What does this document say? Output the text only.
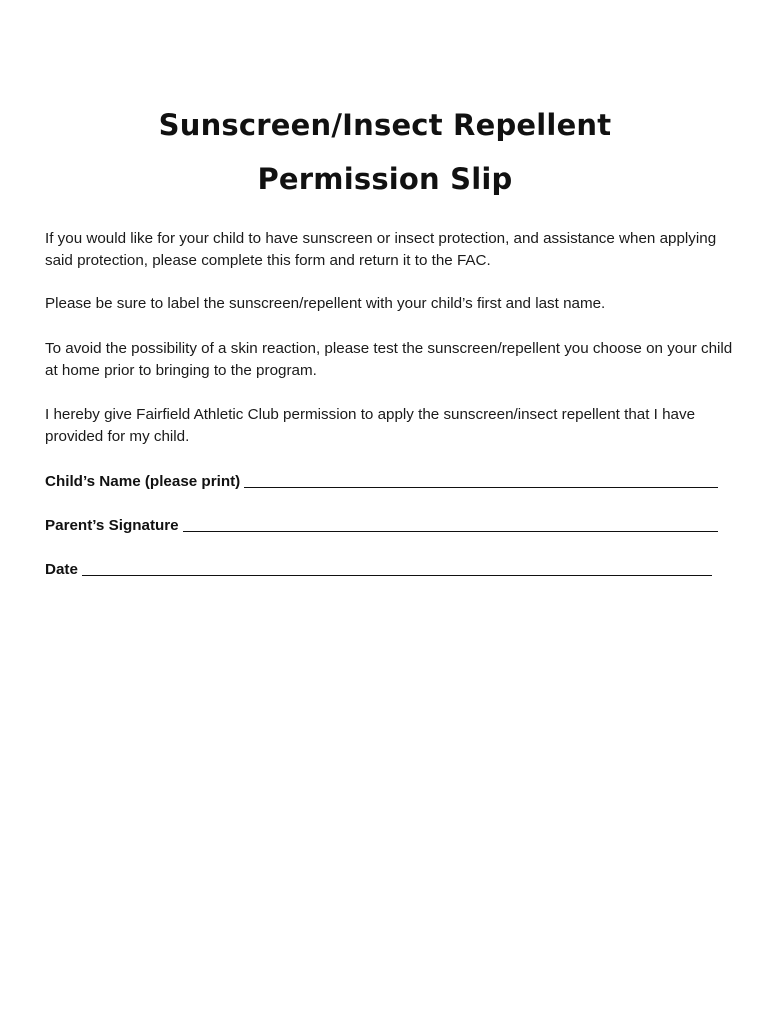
Sunscreen/Insect Repellent
Permission Slip

If you would like for your child to have sunscreen or insect protection, and assistance when applying said protection, please complete this form and return it to the FAC.

Please be sure to label the sunscreen/repellent with your child’s first and last name.

To avoid the possibility of a skin reaction, please test the sunscreen/repellent you choose on your child at home prior to bringing to the program.

I hereby give Fairfield Athletic Club permission to apply the sunscreen/insect repellent that I have provided for my child.

Child’s Name (please print)
Parent’s Signature
Date
